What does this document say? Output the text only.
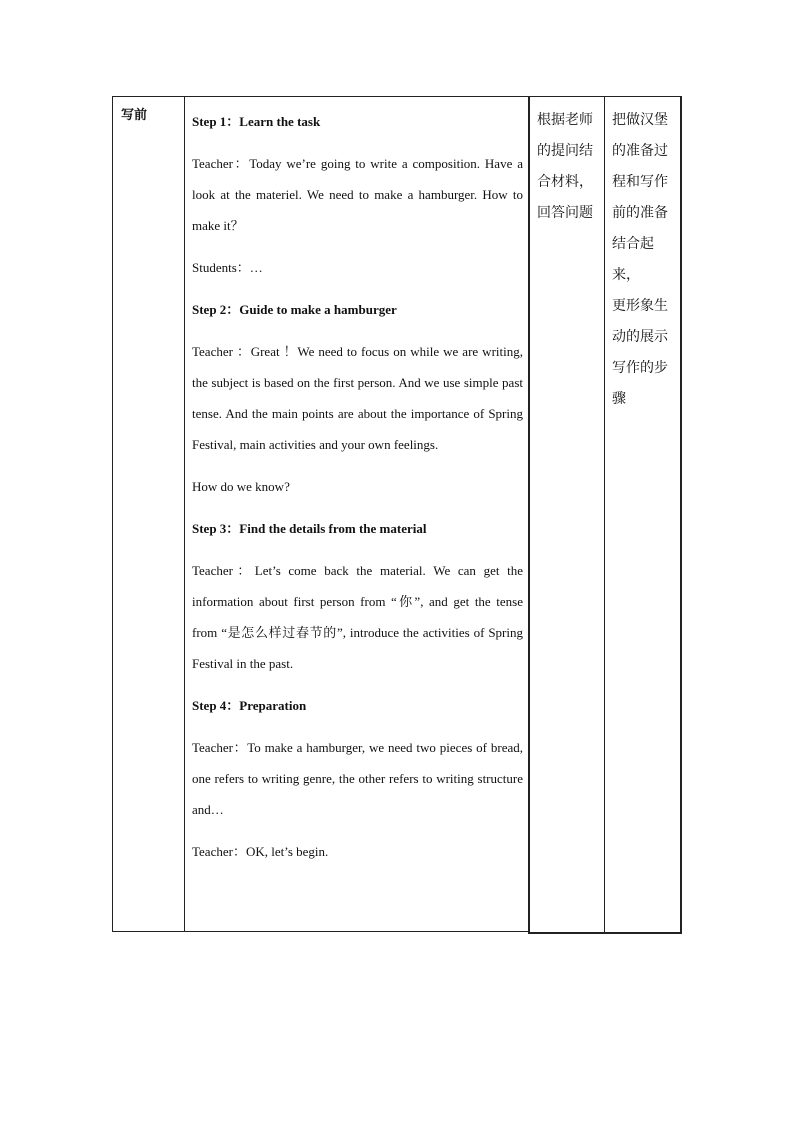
写前	Step 1：Learn the task

Teacher：Today we’re going to write a composition. Have a look at the materiel. We need to make a hamburger. How to make it？

Students：…

Step 2：Guide to make a hamburger

Teacher ：Great ！We need to focus on while we are writing, the subject is based on the first person. And we use simple past tense. And the main points are about the importance of Spring Festival, main activities and your own feelings.

How do we know?

Step 3：Find the details from the material

Teacher：Let’s come back the material. We can get the information about first person from “你”, and get the tense from “是怎么样过春节的”, introduce the activities of Spring Festival in the past.

Step 4：Preparation

Teacher：To make a hamburger, we need two pieces of bread, one refers to writing genre, the other refers to writing structure and…

Teacher：OK, let’s begin.

根据老师
的提问结
合材料，
回答问题
把做汉堡
的准备过
程和写作
前的准备
结合起来，
更形象生
动的展示
写作的步
骤
